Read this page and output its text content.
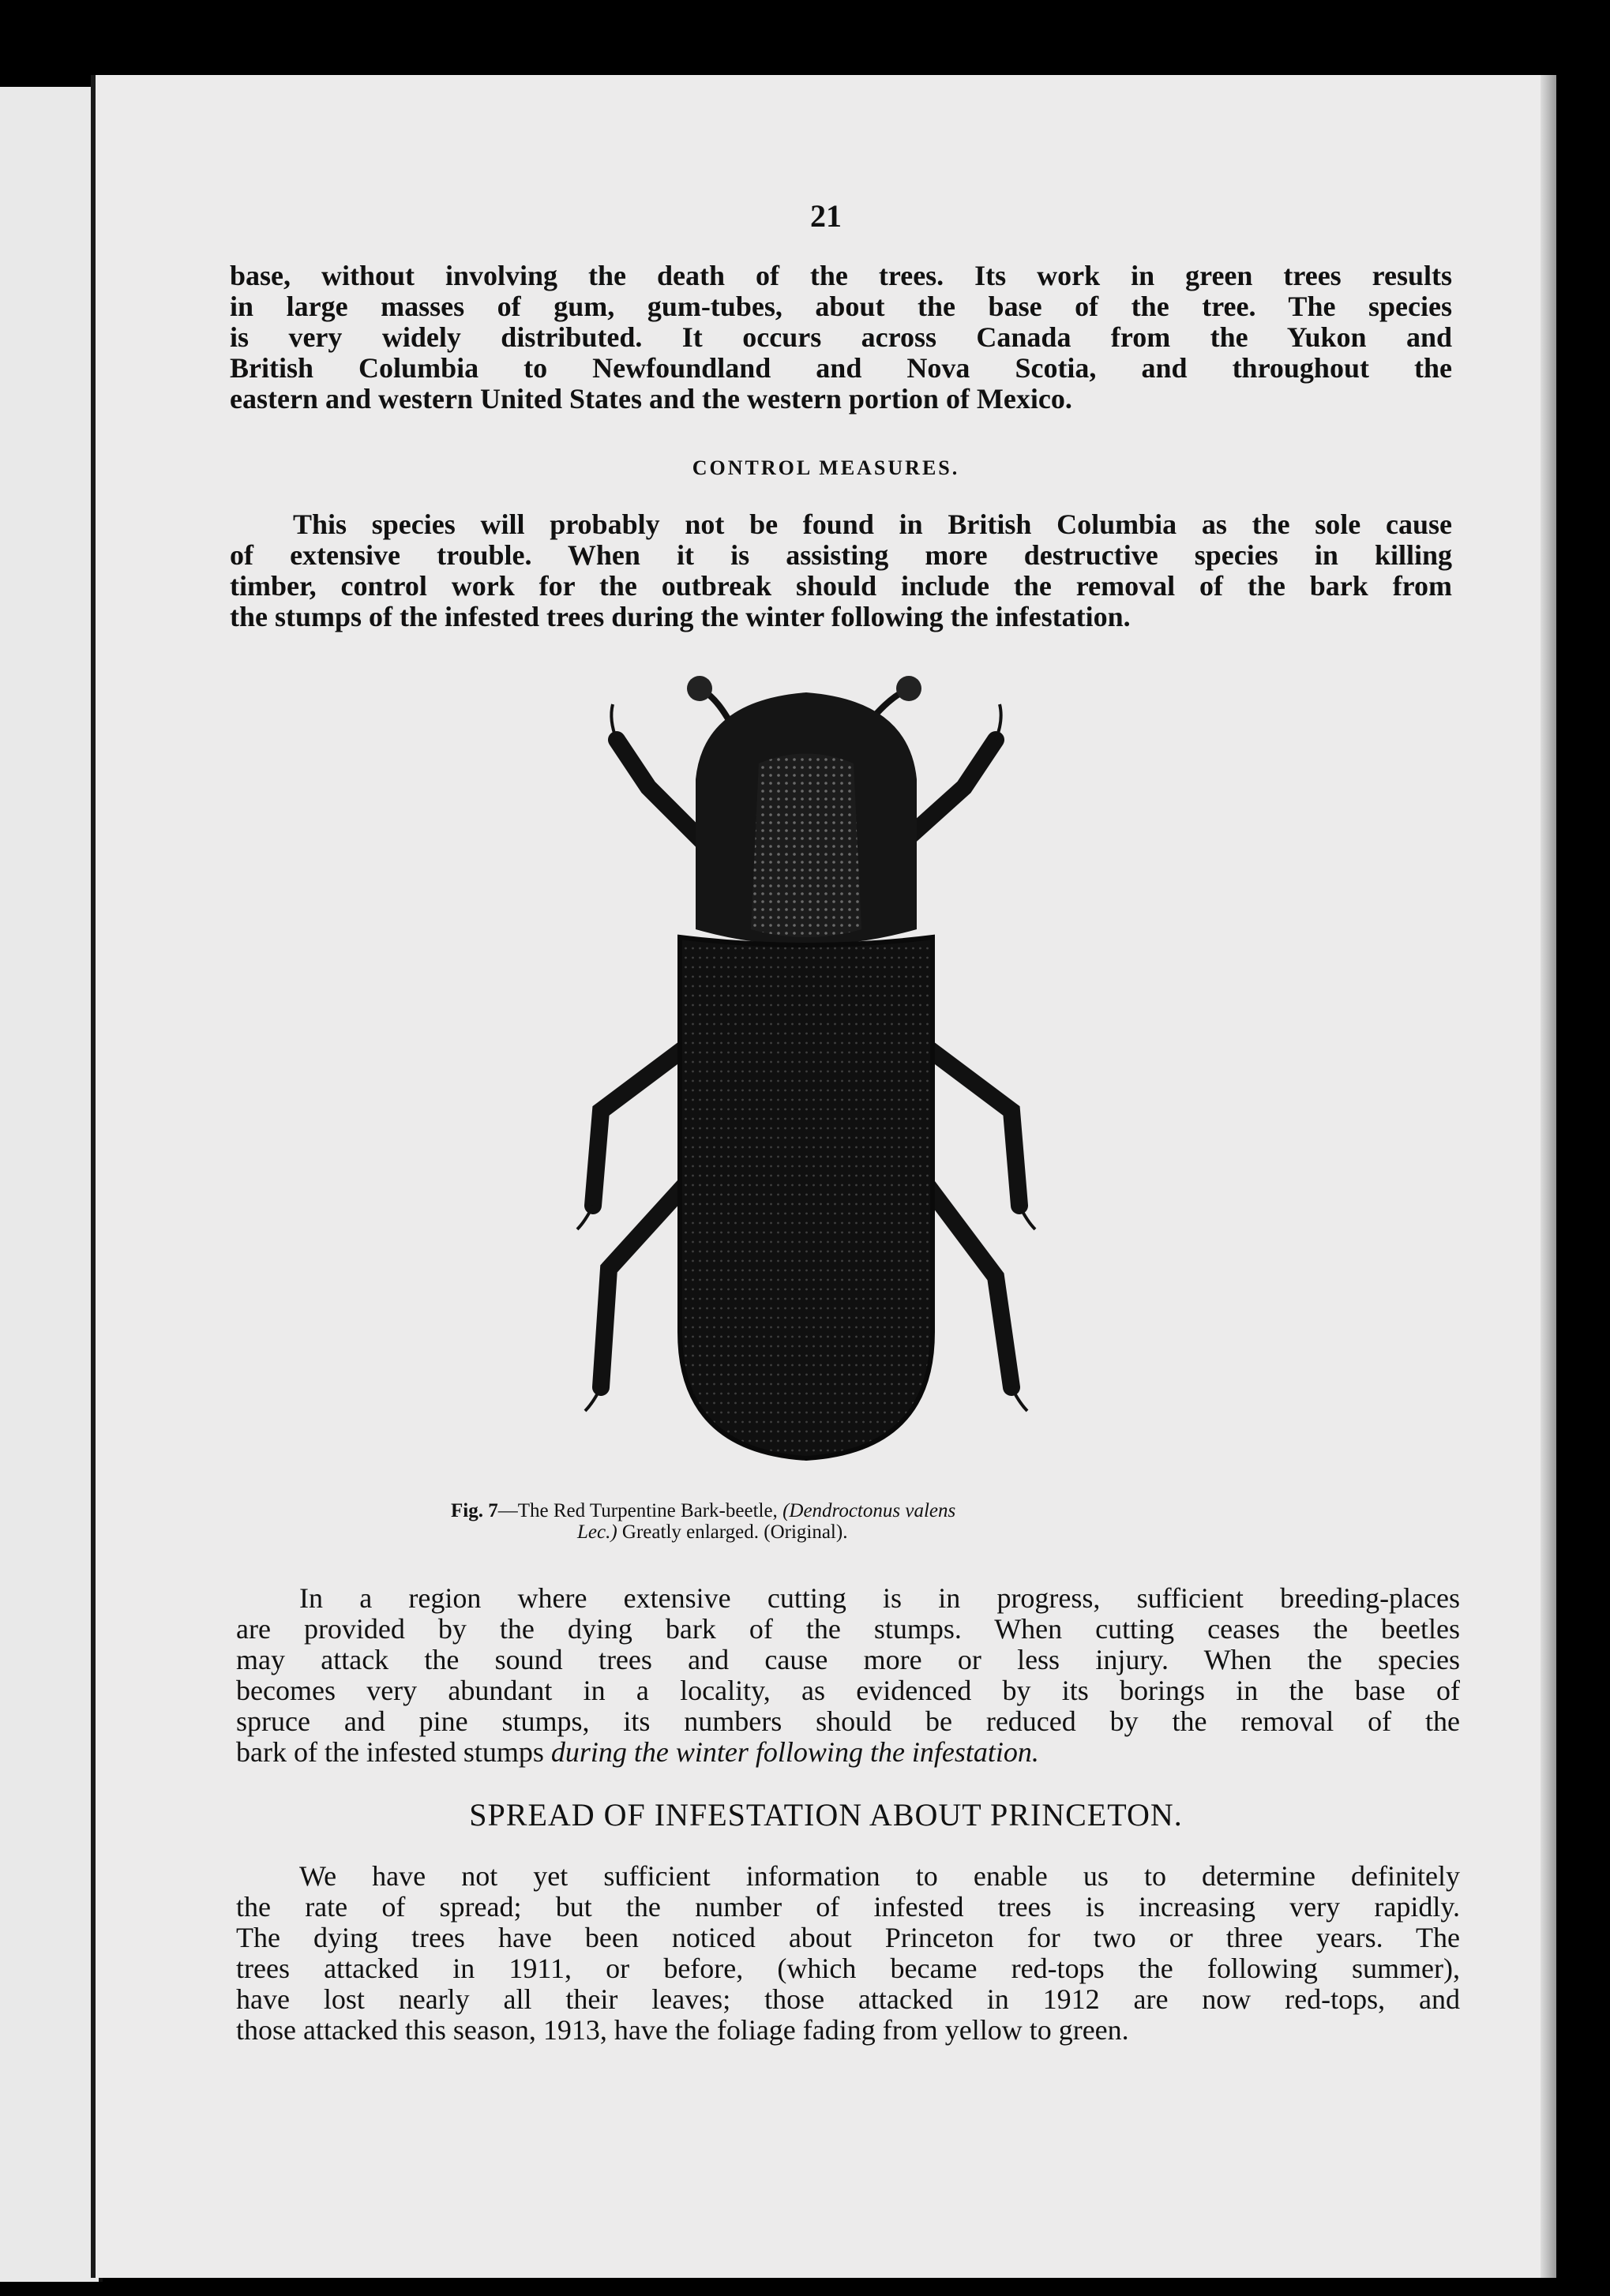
21

base, without involving the death of the trees. Its work in green trees results
in large masses of gum, gum-tubes, about the base of the tree. The species
is very widely distributed. It occurs across Canada from the Yukon and
British Columbia to Newfoundland and Nova Scotia, and throughout the
eastern and western United States and the western portion of Mexico.

CONTROL MEASURES.

This species will probably not be found in British Columbia as the sole cause
of extensive trouble. When it is assisting more destructive species in killing
timber, control work for the outbreak should include the removal of the bark from
the stumps of the infested trees during the winter following the infestation.

Fig. 7—The Red Turpentine Bark-beetle, (Dendroctonus valens
Lec.) Greatly enlarged. (Original).

In a region where extensive cutting is in progress, sufficient breeding-places
are provided by the dying bark of the stumps. When cutting ceases the beetles
may attack the sound trees and cause more or less injury. When the species
becomes very abundant in a locality, as evidenced by its borings in the base of
spruce and pine stumps, its numbers should be reduced by the removal of the
bark of the infested stumps during the winter following the infestation.

SPREAD OF INFESTATION ABOUT PRINCETON.

We have not yet sufficient information to enable us to determine definitely
the rate of spread; but the number of infested trees is increasing very rapidly.
The dying trees have been noticed about Princeton for two or three years. The
trees attacked in 1911, or before, (which became red-tops the following summer),
have lost nearly all their leaves; those attacked in 1912 are now red-tops, and
those attacked this season, 1913, have the foliage fading from yellow to green.
